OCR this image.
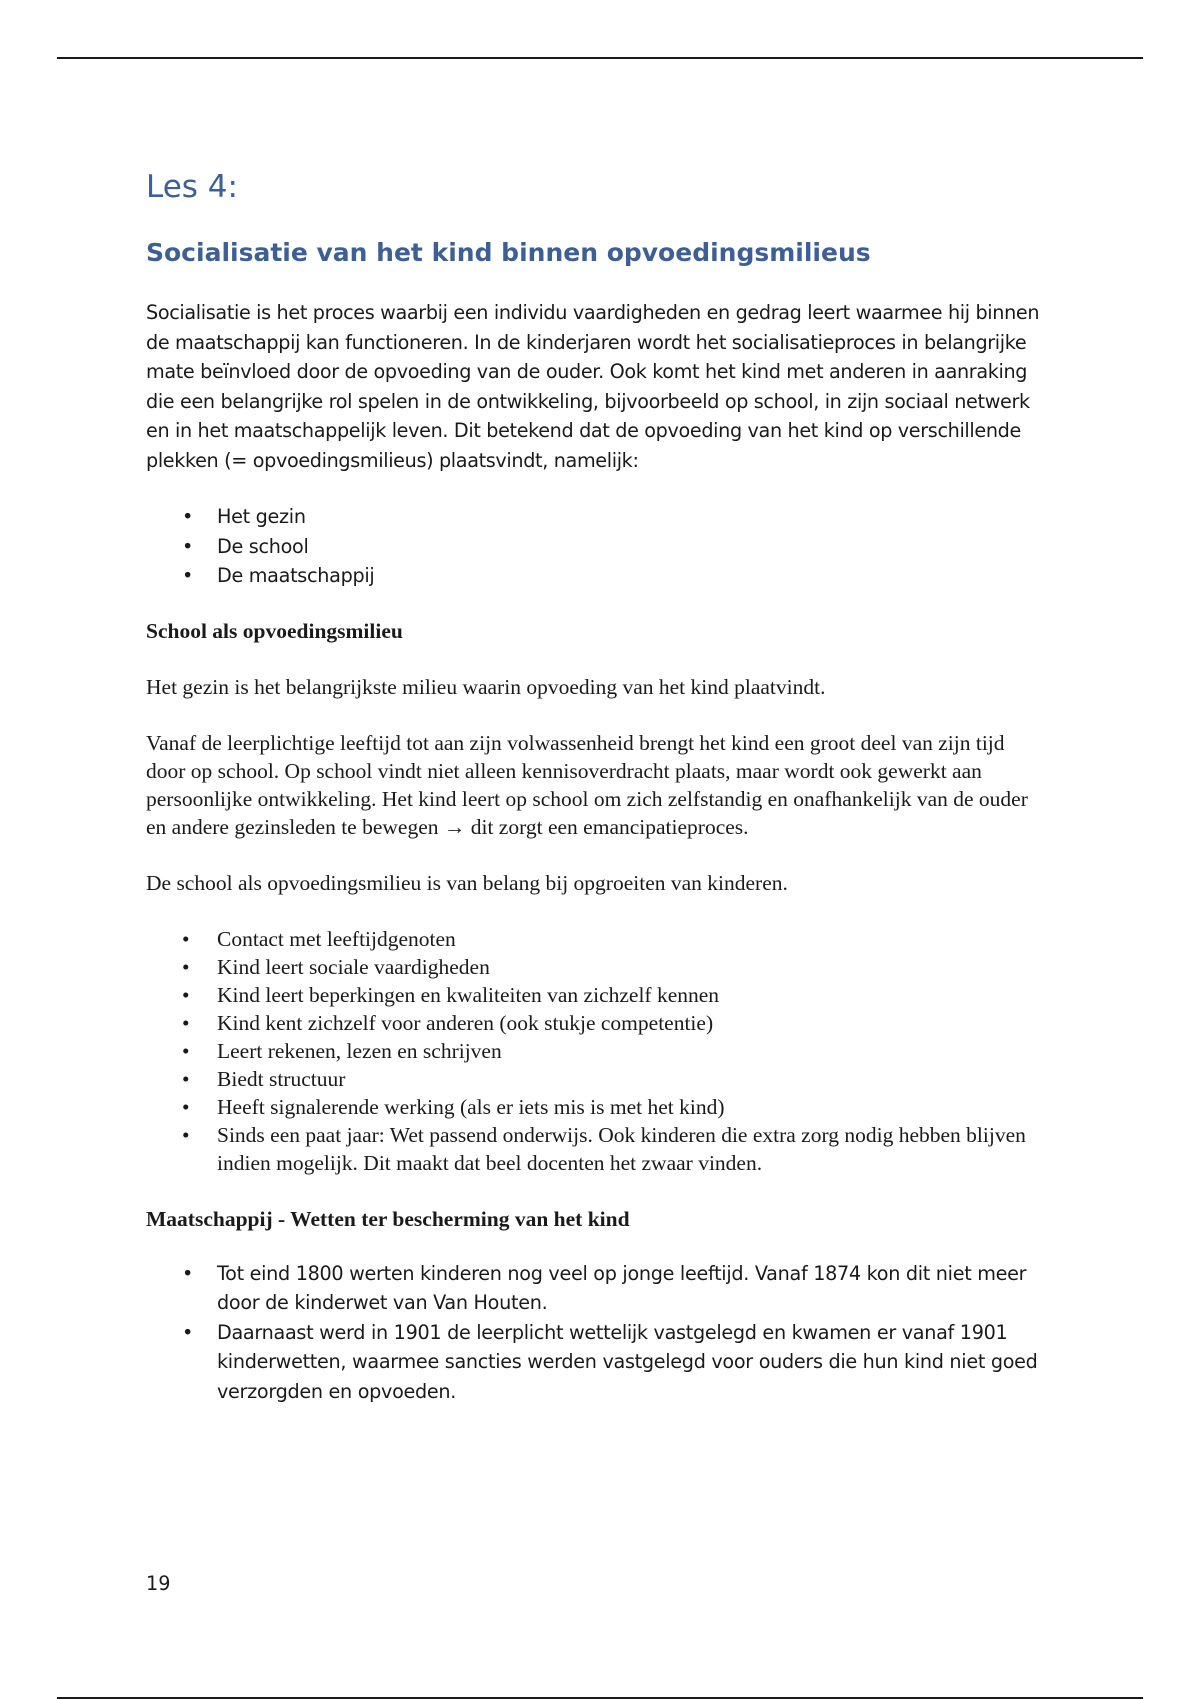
Les 4:
Socialisatie van het kind binnen opvoedingsmilieus

Socialisatie is het proces waarbij een individu vaardigheden en gedrag leert waarmee hij binnen de maatschappij kan functioneren. In de kinderjaren wordt het socialisatieproces in belangrijke mate beïnvloed door de opvoeding van de ouder. Ook komt het kind met anderen in aanraking die een belangrijke rol spelen in de ontwikkeling, bijvoorbeeld op school, in zijn sociaal netwerk en in het maatschappelijk leven. Dit betekend dat de opvoeding van het kind op verschillende plekken (= opvoedingsmilieus) plaatsvindt, namelijk:

• Het gezin
• De school
• De maatschappij
School als opvoedingsmilieu

Het gezin is het belangrijkste milieu waarin opvoeding van het kind plaatvindt.

Vanaf de leerplichtige leeftijd tot aan zijn volwassenheid brengt het kind een groot deel van zijn tijd door op school. Op school vindt niet alleen kennisoverdracht plaats, maar wordt ook gewerkt aan persoonlijke ontwikkeling. Het kind leert op school om zich zelfstandig en onafhankelijk van de ouder en andere gezinsleden te bewegen → dit zorgt een emancipatieproces.

De school als opvoedingsmilieu is van belang bij opgroeiten van kinderen.

• Contact met leeftijdgenoten
• Kind leert sociale vaardigheden
• Kind leert beperkingen en kwaliteiten van zichzelf kennen
• Kind kent zichzelf voor anderen (ook stukje competentie)
• Leert rekenen, lezen en schrijven
• Biedt structuur
• Heeft signalerende werking (als er iets mis is met het kind)
• Sinds een paat jaar: Wet passend onderwijs. Ook kinderen die extra zorg nodig hebben blijven indien mogelijk. Dit maakt dat beel docenten het zwaar vinden.
Maatschappij - Wetten ter bescherming van het kind
• Tot eind 1800 werten kinderen nog veel op jonge leeftijd. Vanaf 1874 kon dit niet meer door de kinderwet van Van Houten.
• Daarnaast werd in 1901 de leerplicht wettelijk vastgelegd en kwamen er vanaf 1901 kinderwetten, waarmee sancties werden vastgelegd voor ouders die hun kind niet goed verzorgden en opvoeden.
19
